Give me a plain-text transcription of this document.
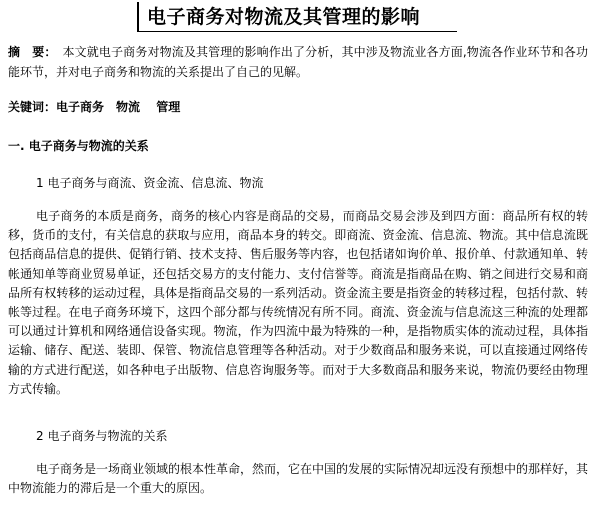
电子商务对物流及其管理的影响
摘　要： 本文就电子商务对物流及其管理的影响作出了分析，其中涉及物流业各方面,物流各作业环节和各功能环节，并对电子商务和物流的关系提出了自己的见解。
关键词：电子商务　物流　 管理
一. 电子商务与物流的关系
1 电子商务与商流、资金流、信息流、物流
电子商务的本质是商务，商务的核心内容是商品的交易，而商品交易会涉及到四方面：商品所有权的转移，货币的支付，有关信息的获取与应用，商品本身的转交。即商流、资金流、信息流、物流。其中信息流既包括商品信息的提供、促销行销、技术支持、售后服务等内容，也包括诸如询价单、报价单、付款通知单、转帐通知单等商业贸易单证，还包括交易方的支付能力、支付信誉等。商流是指商品在购、销之间进行交易和商品所有权转移的运动过程，具体是指商品交易的一系列活动。资金流主要是指资金的转移过程，包括付款、转帐等过程。在电子商务环境下，这四个部分都与传统情况有所不同。商流、资金流与信息流这三种流的处理都可以通过计算机和网络通信设备实现。物流，作为四流中最为特殊的一种，是指物质实体的流动过程，具体指运输、储存、配送、装即、保管、物流信息管理等各种活动。对于少数商品和服务来说，可以直接通过网络传输的方式进行配送，如各种电子出版物、信息咨询服务等。而对于大多数商品和服务来说，物流仍要经由物理方式传输。
2 电子商务与物流的关系
电子商务是一场商业领域的根本性革命，然而，它在中国的发展的实际情况却远没有预想中的那样好，其中物流能力的滞后是一个重大的原因。
